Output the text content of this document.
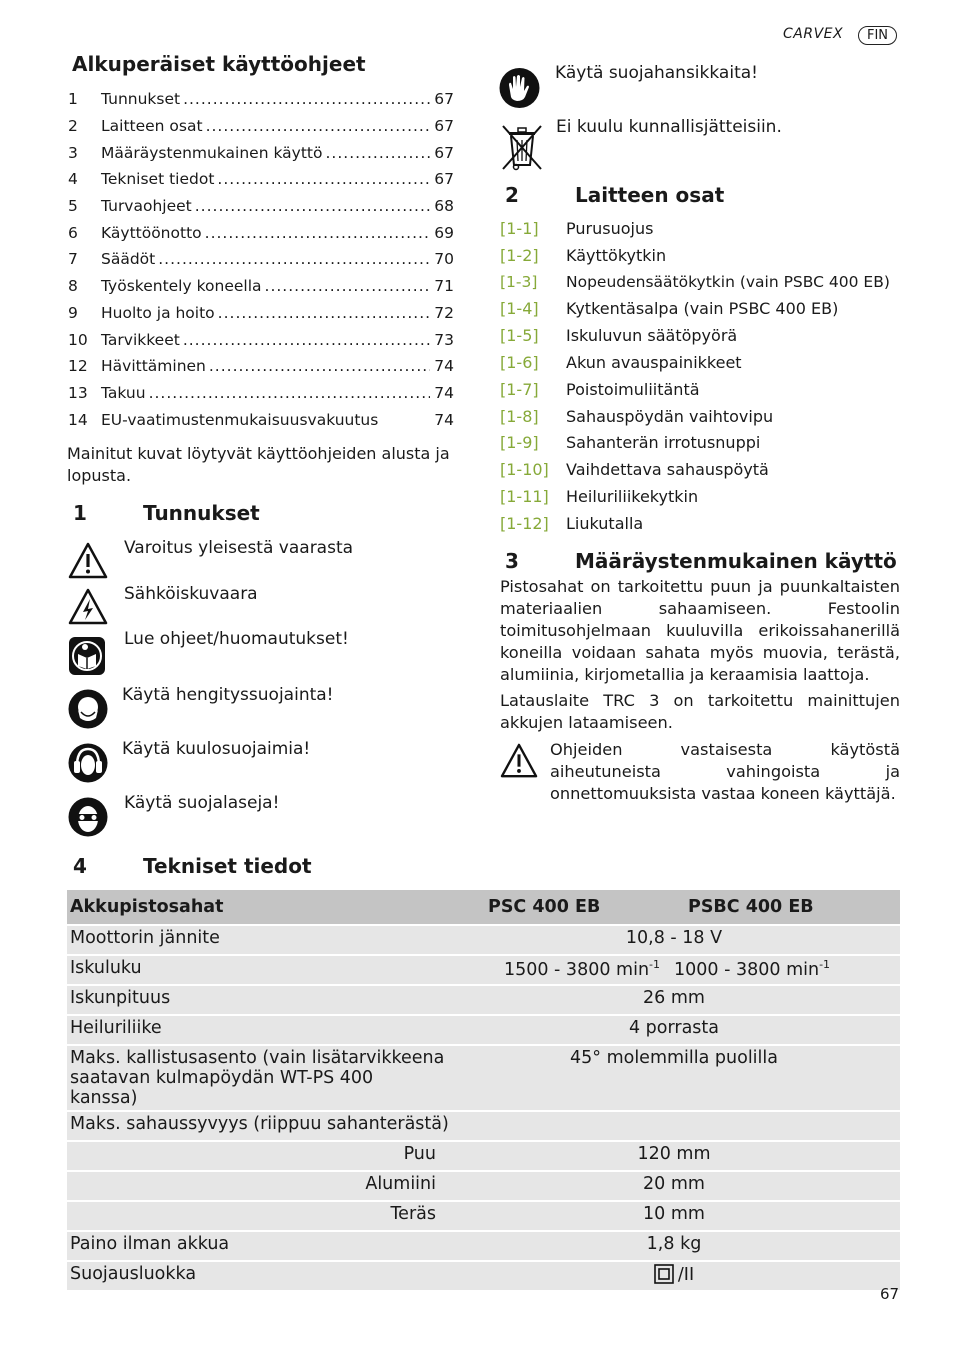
CARVEX	FIN
Alkuperäiset käyttöohjeet
1	Tunnukset .....	67
2	Laitteen osat .....	67
3	Määräystenmukainen käyttö .....	67
4	Tekniset tiedot .....	67
5	Turvaohjeet .....	68
6	Käyttöönotto .....	69
7	Säädöt .....	70
8	Työskentely koneella .....	71
9	Huolto ja hoito .....	72
10 Tarvikkeet .....	73
12 Hävittäminen .....	74
13 Takuu .....	74
14 EU-vaatimustenmukaisuusvakuutus	74
Mainitut kuvat löytyvät käyttöohjeiden alusta ja lopusta.
1	Tunnukset
Varoitus yleisestä vaarasta
Sähköiskuvaara
Lue ohjeet/huomautukset!
Käytä hengityssuojainta!
Käytä kuulosuojaimia!
Käytä suojalaseja!
Käytä suojahansikkaita!
Ei kuulu kunnallisjätteisiin.
2	Laitteen osat
[1-1]	Purusuojus
[1-2]	Käyttökytkin
[1-3]	Nopeudensäätökytkin (vain PSBC 400 EB)
[1-4]	Kytkentäsalpa (vain PSBC 400 EB)
[1-5]	Iskuluvun säätöpyörä
[1-6]	Akun avauspainikkeet
[1-7]	Poistoimuliitäntä
[1-8]	Sahauspöydän vaihtovipu
[1-9]	Sahanterän irrotusnuppi
[1-10]	Vaihdettava sahauspöytä
[1-11]	Heiluriliikekytkin
[1-12]	Liukutalla
3	Määräystenmukainen käyttö
Pistosahat on tarkoitettu puun ja puunkaltaisten materiaalien sahaamiseen. Festoolin toimitusohjelmaan kuuluvilla erikoissahanerillä koneilla voidaan sahata myös muovia, terästä, alumiinia, kirjometallia ja keraamisia laattoja.
Latauslaite TRC 3 on tarkoitettu mainittujen akkujen lataamiseen.
Ohjeiden vastaisesta käytöstä aiheutuneista vahingoista ja onnettomuuksista vastaa koneen käyttäjä.
4	Tekniset tiedot
Akkupistosahat	PSC 400 EB	PSBC 400 EB
Moottorin jännite	10,8 - 18 V	
Iskuluku	1500 - 3800 $\min^{-1}$	1000 - 3800 $\min^{-1}$
Iskunpituus	26 mm	
Heiluriliike	4 porrasta	
Maks. kallistusasento (vain lisätarvikkeena saatavan kulmapöydän WT-PS 400 kanssa)	45° molemmilla puolilla	
Maks. sahaussyvyys (riippuu sahanterästä)		
Puu	120 mm	
Alumiini	20 mm	
Teräs	10 mm	
Paino ilman akkua	1,8 kg	
Suojausluokka	/II	
67
